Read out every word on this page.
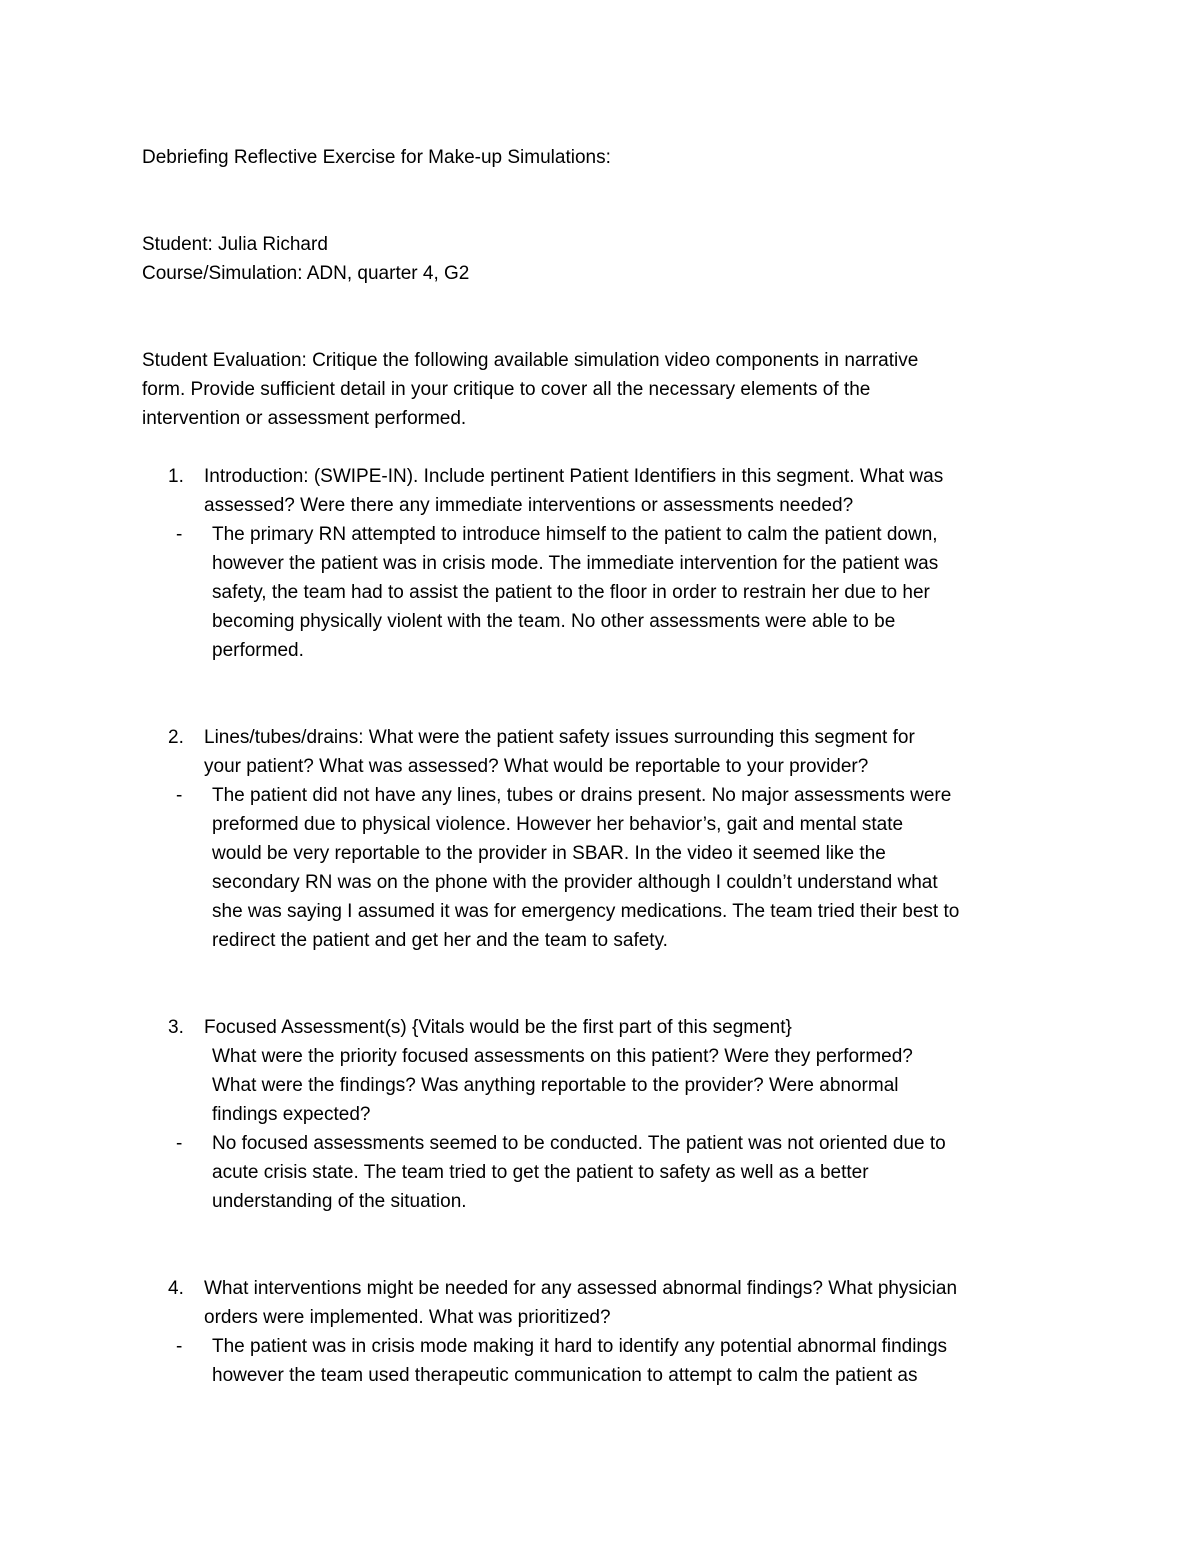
Debriefing Reflective Exercise for Make-up Simulations:

Student: Julia Richard

Course/Simulation: ADN, quarter 4, G2

Student Evaluation: Critique the following available simulation video components in narrative
form. Provide sufficient detail in your critique to cover all the necessary elements of the
intervention or assessment performed.

1. Introduction: (SWIPE-IN). Include pertinent Patient Identifiers in this segment. What was
assessed? Were there any immediate interventions or assessments needed?
- The primary RN attempted to introduce himself to the patient to calm the patient down,
however the patient was in crisis mode. The immediate intervention for the patient was
safety, the team had to assist the patient to the floor in order to restrain her due to her
becoming physically violent with the team. No other assessments were able to be
performed.
2. Lines/tubes/drains: What were the patient safety issues surrounding this segment for
your patient? What was assessed? What would be reportable to your provider?
- The patient did not have any lines, tubes or drains present. No major assessments were
preformed due to physical violence. However her behavior’s, gait and mental state
would be very reportable to the provider in SBAR. In the video it seemed like the
secondary RN was on the phone with the provider although I couldn’t understand what
she was saying I assumed it was for emergency medications. The team tried their best to
redirect the patient and get her and the team to safety.
3. Focused Assessment(s) {Vitals would be the first part of this segment}
What were the priority focused assessments on this patient? Were they performed?
What were the findings? Was anything reportable to the provider? Were abnormal
findings expected?
- No focused assessments seemed to be conducted. The patient was not oriented due to
acute crisis state. The team tried to get the patient to safety as well as a better
understanding of the situation.
4. What interventions might be needed for any assessed abnormal findings? What physician
orders were implemented. What was prioritized?
- The patient was in crisis mode making it hard to identify any potential abnormal findings
however the team used therapeutic communication to attempt to calm the patient as
